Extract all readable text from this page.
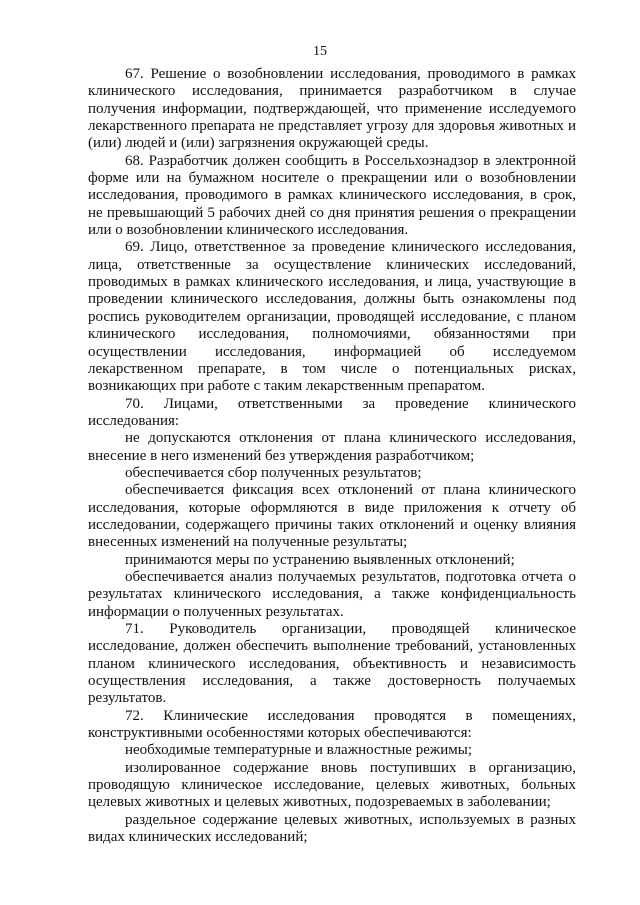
15

67. Решение о возобновлении исследования, проводимого в рамках клинического исследования, принимается разработчиком в случае получения информации, подтверждающей, что применение исследуемого лекарственного препарата не представляет угрозу для здоровья животных и (или) людей и (или) загрязнения окружающей среды.

68. Разработчик должен сообщить в Россельхознадзор в электронной форме или на бумажном носителе о прекращении или о возобновлении исследования, проводимого в рамках клинического исследования, в срок, не превышающий 5 рабочих дней со дня принятия решения о прекращении или о возобновлении клинического исследования.

69. Лицо, ответственное за проведение клинического исследования, лица, ответственные за осуществление клинических исследований, проводимых в рамках клинического исследования, и лица, участвующие в проведении клинического исследования, должны быть ознакомлены под роспись руководителем организации, проводящей исследование, с планом клинического исследования, полномочиями, обязанностями при осуществлении исследования, информацией об исследуемом лекарственном препарате, в том числе о потенциальных рисках, возникающих при работе с таким лекарственным препаратом.

70. Лицами, ответственными за проведение клинического исследования:

не допускаются отклонения от плана клинического исследования, внесение в него изменений без утверждения разработчиком;

обеспечивается сбор полученных результатов;

обеспечивается фиксация всех отклонений от плана клинического исследования, которые оформляются в виде приложения к отчету об исследовании, содержащего причины таких отклонений и оценку влияния внесенных изменений на полученные результаты;

принимаются меры по устранению выявленных отклонений;

обеспечивается анализ получаемых результатов, подготовка отчета о результатах клинического исследования, а также конфиденциальность информации о полученных результатах.

71. Руководитель организации, проводящей клиническое исследование, должен обеспечить выполнение требований, установленных планом клинического исследования, объективность и независимость осуществления исследования, а также достоверность получаемых результатов.

72. Клинические исследования проводятся в помещениях, конструктивными особенностями которых обеспечиваются:

необходимые температурные и влажностные режимы;

изолированное содержание вновь поступивших в организацию, проводящую клиническое исследование, целевых животных, больных целевых животных и целевых животных, подозреваемых в заболевании;

раздельное содержание целевых животных, используемых в разных видах клинических исследований;
